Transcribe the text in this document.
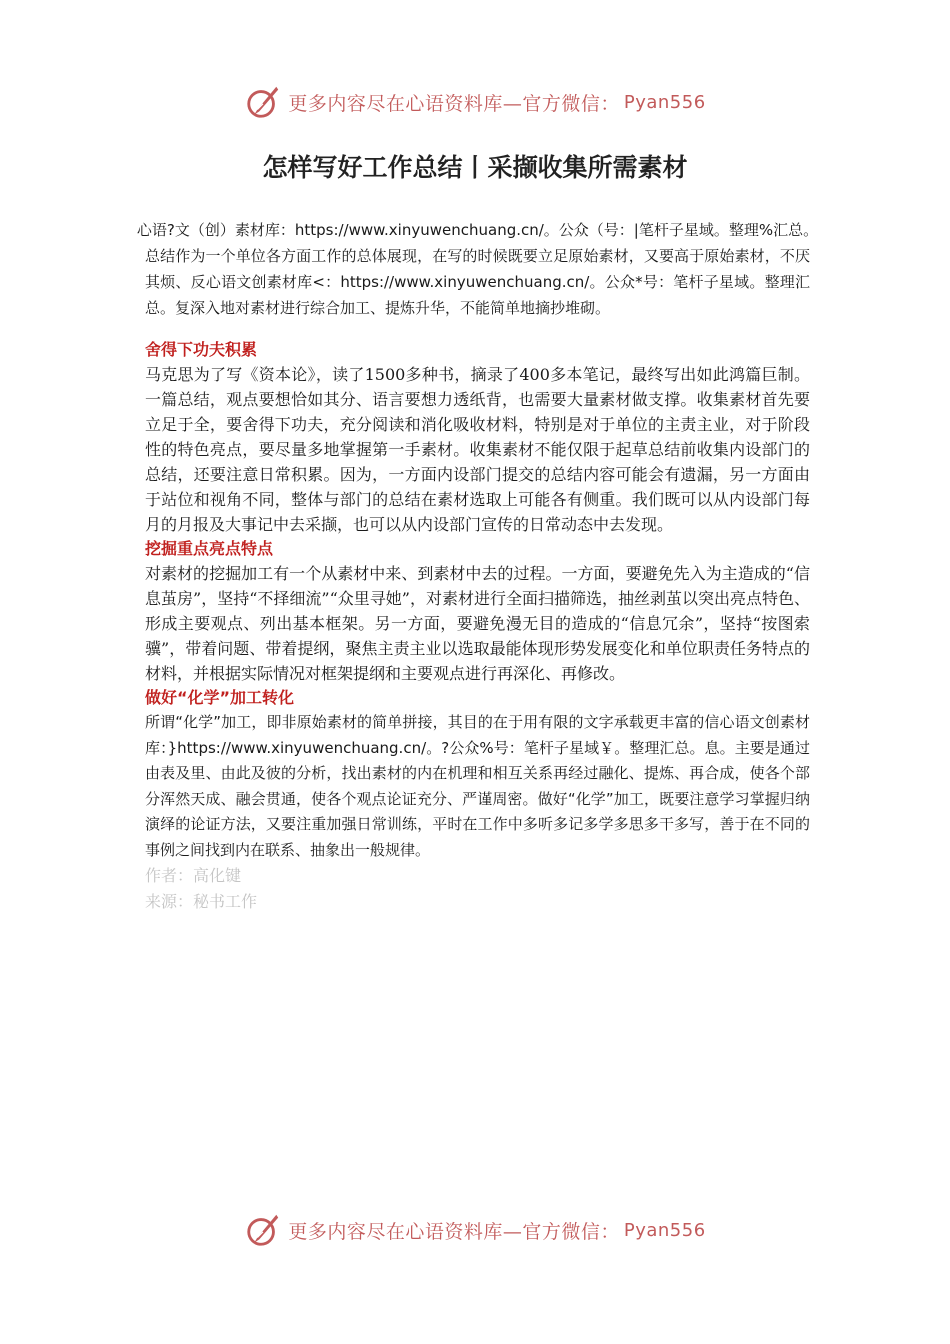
更多内容尽在心语资料库—官方微信： Pyan556
怎样写好工作总结丨采撷收集所需素材

心语?文（创）素材库：https://www.xinyuwenchuang.cn/。公众（号：|笔杆子星域。整理%汇总。

总结作为一个单位各方面工作的总体展现，在写的时候既要立足原始素材，又要高于原始素材，不厌其烦、反心语文创素材库<：https://www.xinyuwenchuang.cn/。公众*号：笔杆子星域。整理汇总。复深入地对素材进行综合加工、提炼升华，不能简单地摘抄堆砌。

舍得下功夫积累

马克思为了写《资本论》，读了1500多种书，摘录了400多本笔记，最终写出如此鸿篇巨制。一篇总结，观点要想恰如其分、语言要想力透纸背，也需要大量素材做支撑。收集素材首先要立足于全，要舍得下功夫，充分阅读和消化吸收材料，特别是对于单位的主责主业，对于阶段性的特色亮点，要尽量多地掌握第一手素材。收集素材不能仅限于起草总结前收集内设部门的总结，还要注意日常积累。因为，一方面内设部门提交的总结内容可能会有遗漏，另一方面由于站位和视角不同，整体与部门的总结在素材选取上可能各有侧重。我们既可以从内设部门每月的月报及大事记中去采撷，也可以从内设部门宣传的日常动态中去发现。

挖掘重点亮点特点

对素材的挖掘加工有一个从素材中来、到素材中去的过程。一方面，要避免先入为主造成的“信息茧房”，坚持“不择细流”“众里寻她”，对素材进行全面扫描筛选，抽丝剥茧以突出亮点特色、形成主要观点、列出基本框架。另一方面，要避免漫无目的造成的“信息冗余”，坚持“按图索骥”，带着问题、带着提纲，聚焦主责主业以选取最能体现形势发展变化和单位职责任务特点的材料，并根据实际情况对框架提纲和主要观点进行再深化、再修改。

做好“化学”加工转化

所谓“化学”加工，即非原始素材的简单拼接，其目的在于用有限的文字承载更丰富的信心语文创素材库：}https://www.xinyuwenchuang.cn/。?公众%号：笔杆子星域￥。整理汇总。息。主要是通过由表及里、由此及彼的分析，找出素材的内在机理和相互关系再经过融化、提炼、再合成，使各个部分浑然天成、融会贯通，使各个观点论证充分、严谨周密。做好“化学”加工，既要注意学习掌握归纳演绎的论证方法，又要注重加强日常训练，平时在工作中多听多记多学多思多干多写，善于在不同的事例之间找到内在联系、抽象出一般规律。

作者：高化键

来源：秘书工作

更多内容尽在心语资料库—官方微信： Pyan556
